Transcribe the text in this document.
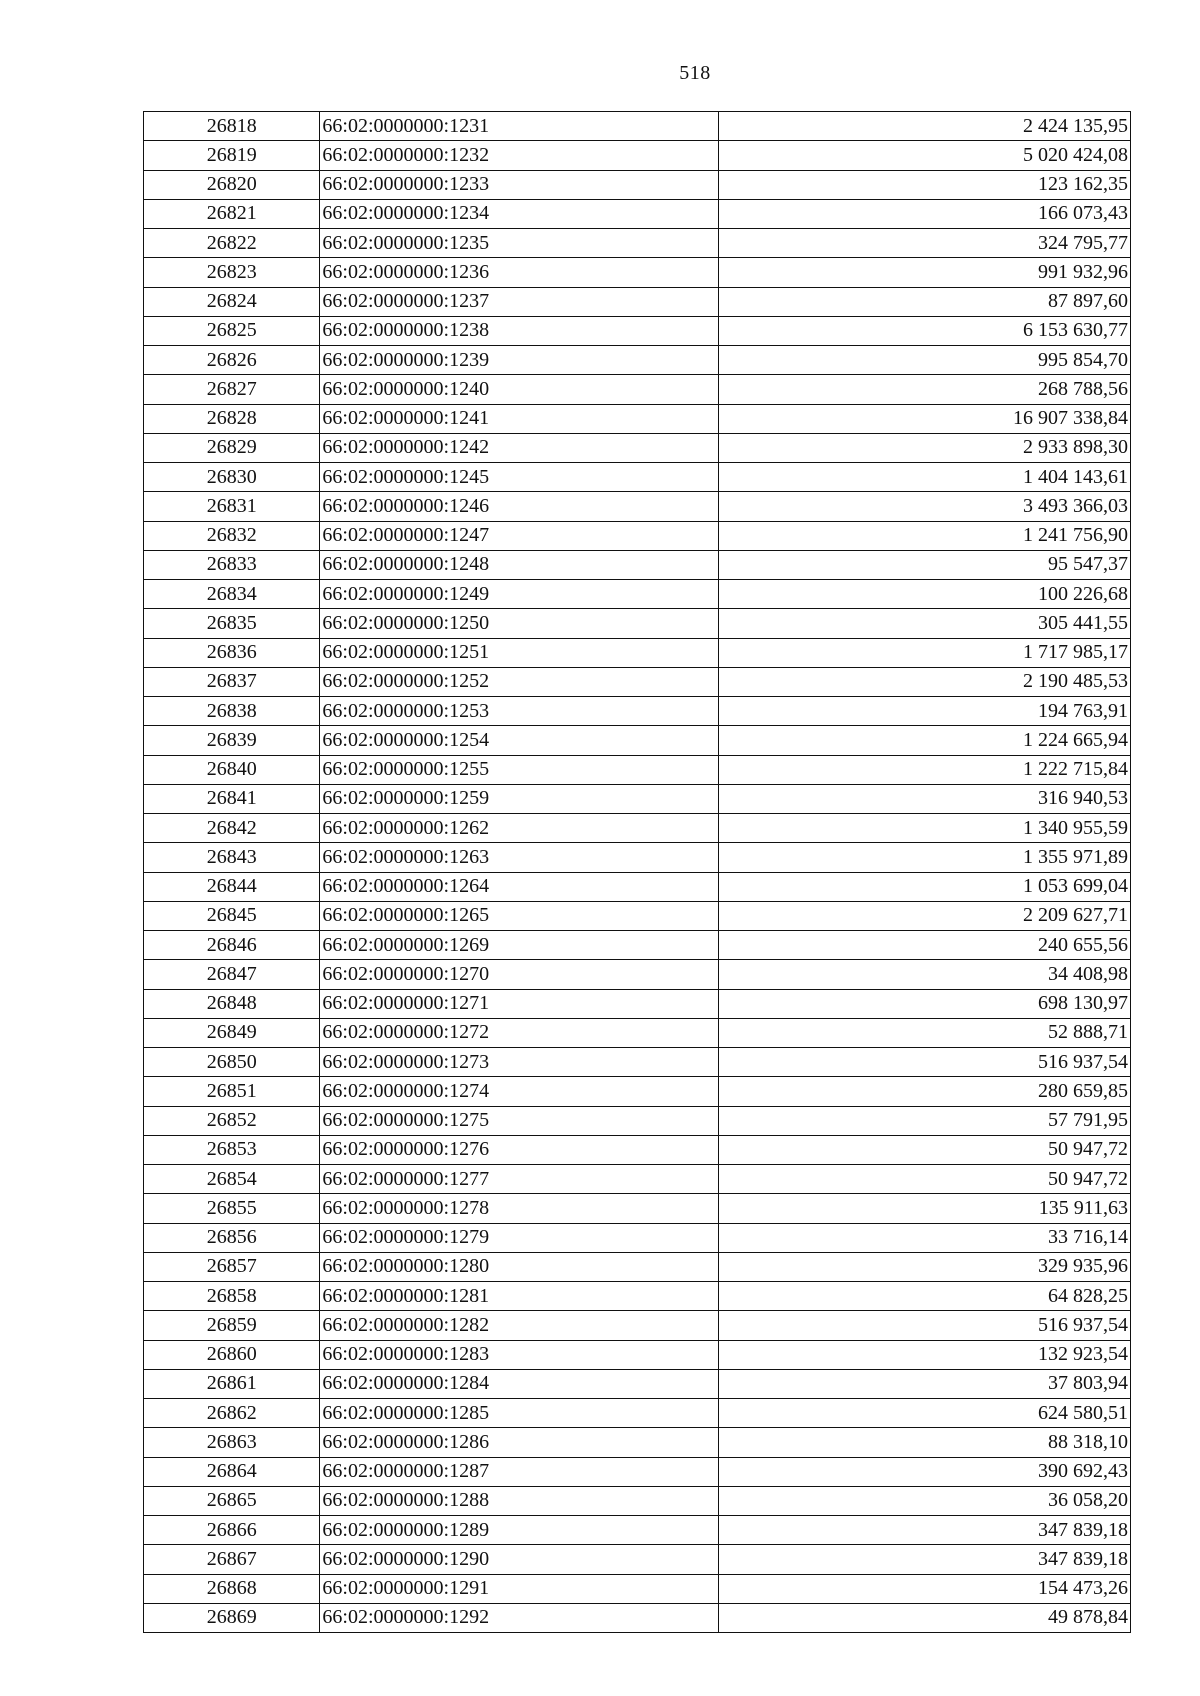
518
26818	66:02:0000000:1231	2 424 135,95
26819	66:02:0000000:1232	5 020 424,08
26820	66:02:0000000:1233	123 162,35
26821	66:02:0000000:1234	166 073,43
26822	66:02:0000000:1235	324 795,77
26823	66:02:0000000:1236	991 932,96
26824	66:02:0000000:1237	87 897,60
26825	66:02:0000000:1238	6 153 630,77
26826	66:02:0000000:1239	995 854,70
26827	66:02:0000000:1240	268 788,56
26828	66:02:0000000:1241	16 907 338,84
26829	66:02:0000000:1242	2 933 898,30
26830	66:02:0000000:1245	1 404 143,61
26831	66:02:0000000:1246	3 493 366,03
26832	66:02:0000000:1247	1 241 756,90
26833	66:02:0000000:1248	95 547,37
26834	66:02:0000000:1249	100 226,68
26835	66:02:0000000:1250	305 441,55
26836	66:02:0000000:1251	1 717 985,17
26837	66:02:0000000:1252	2 190 485,53
26838	66:02:0000000:1253	194 763,91
26839	66:02:0000000:1254	1 224 665,94
26840	66:02:0000000:1255	1 222 715,84
26841	66:02:0000000:1259	316 940,53
26842	66:02:0000000:1262	1 340 955,59
26843	66:02:0000000:1263	1 355 971,89
26844	66:02:0000000:1264	1 053 699,04
26845	66:02:0000000:1265	2 209 627,71
26846	66:02:0000000:1269	240 655,56
26847	66:02:0000000:1270	34 408,98
26848	66:02:0000000:1271	698 130,97
26849	66:02:0000000:1272	52 888,71
26850	66:02:0000000:1273	516 937,54
26851	66:02:0000000:1274	280 659,85
26852	66:02:0000000:1275	57 791,95
26853	66:02:0000000:1276	50 947,72
26854	66:02:0000000:1277	50 947,72
26855	66:02:0000000:1278	135 911,63
26856	66:02:0000000:1279	33 716,14
26857	66:02:0000000:1280	329 935,96
26858	66:02:0000000:1281	64 828,25
26859	66:02:0000000:1282	516 937,54
26860	66:02:0000000:1283	132 923,54
26861	66:02:0000000:1284	37 803,94
26862	66:02:0000000:1285	624 580,51
26863	66:02:0000000:1286	88 318,10
26864	66:02:0000000:1287	390 692,43
26865	66:02:0000000:1288	36 058,20
26866	66:02:0000000:1289	347 839,18
26867	66:02:0000000:1290	347 839,18
26868	66:02:0000000:1291	154 473,26
26869	66:02:0000000:1292	49 878,84
